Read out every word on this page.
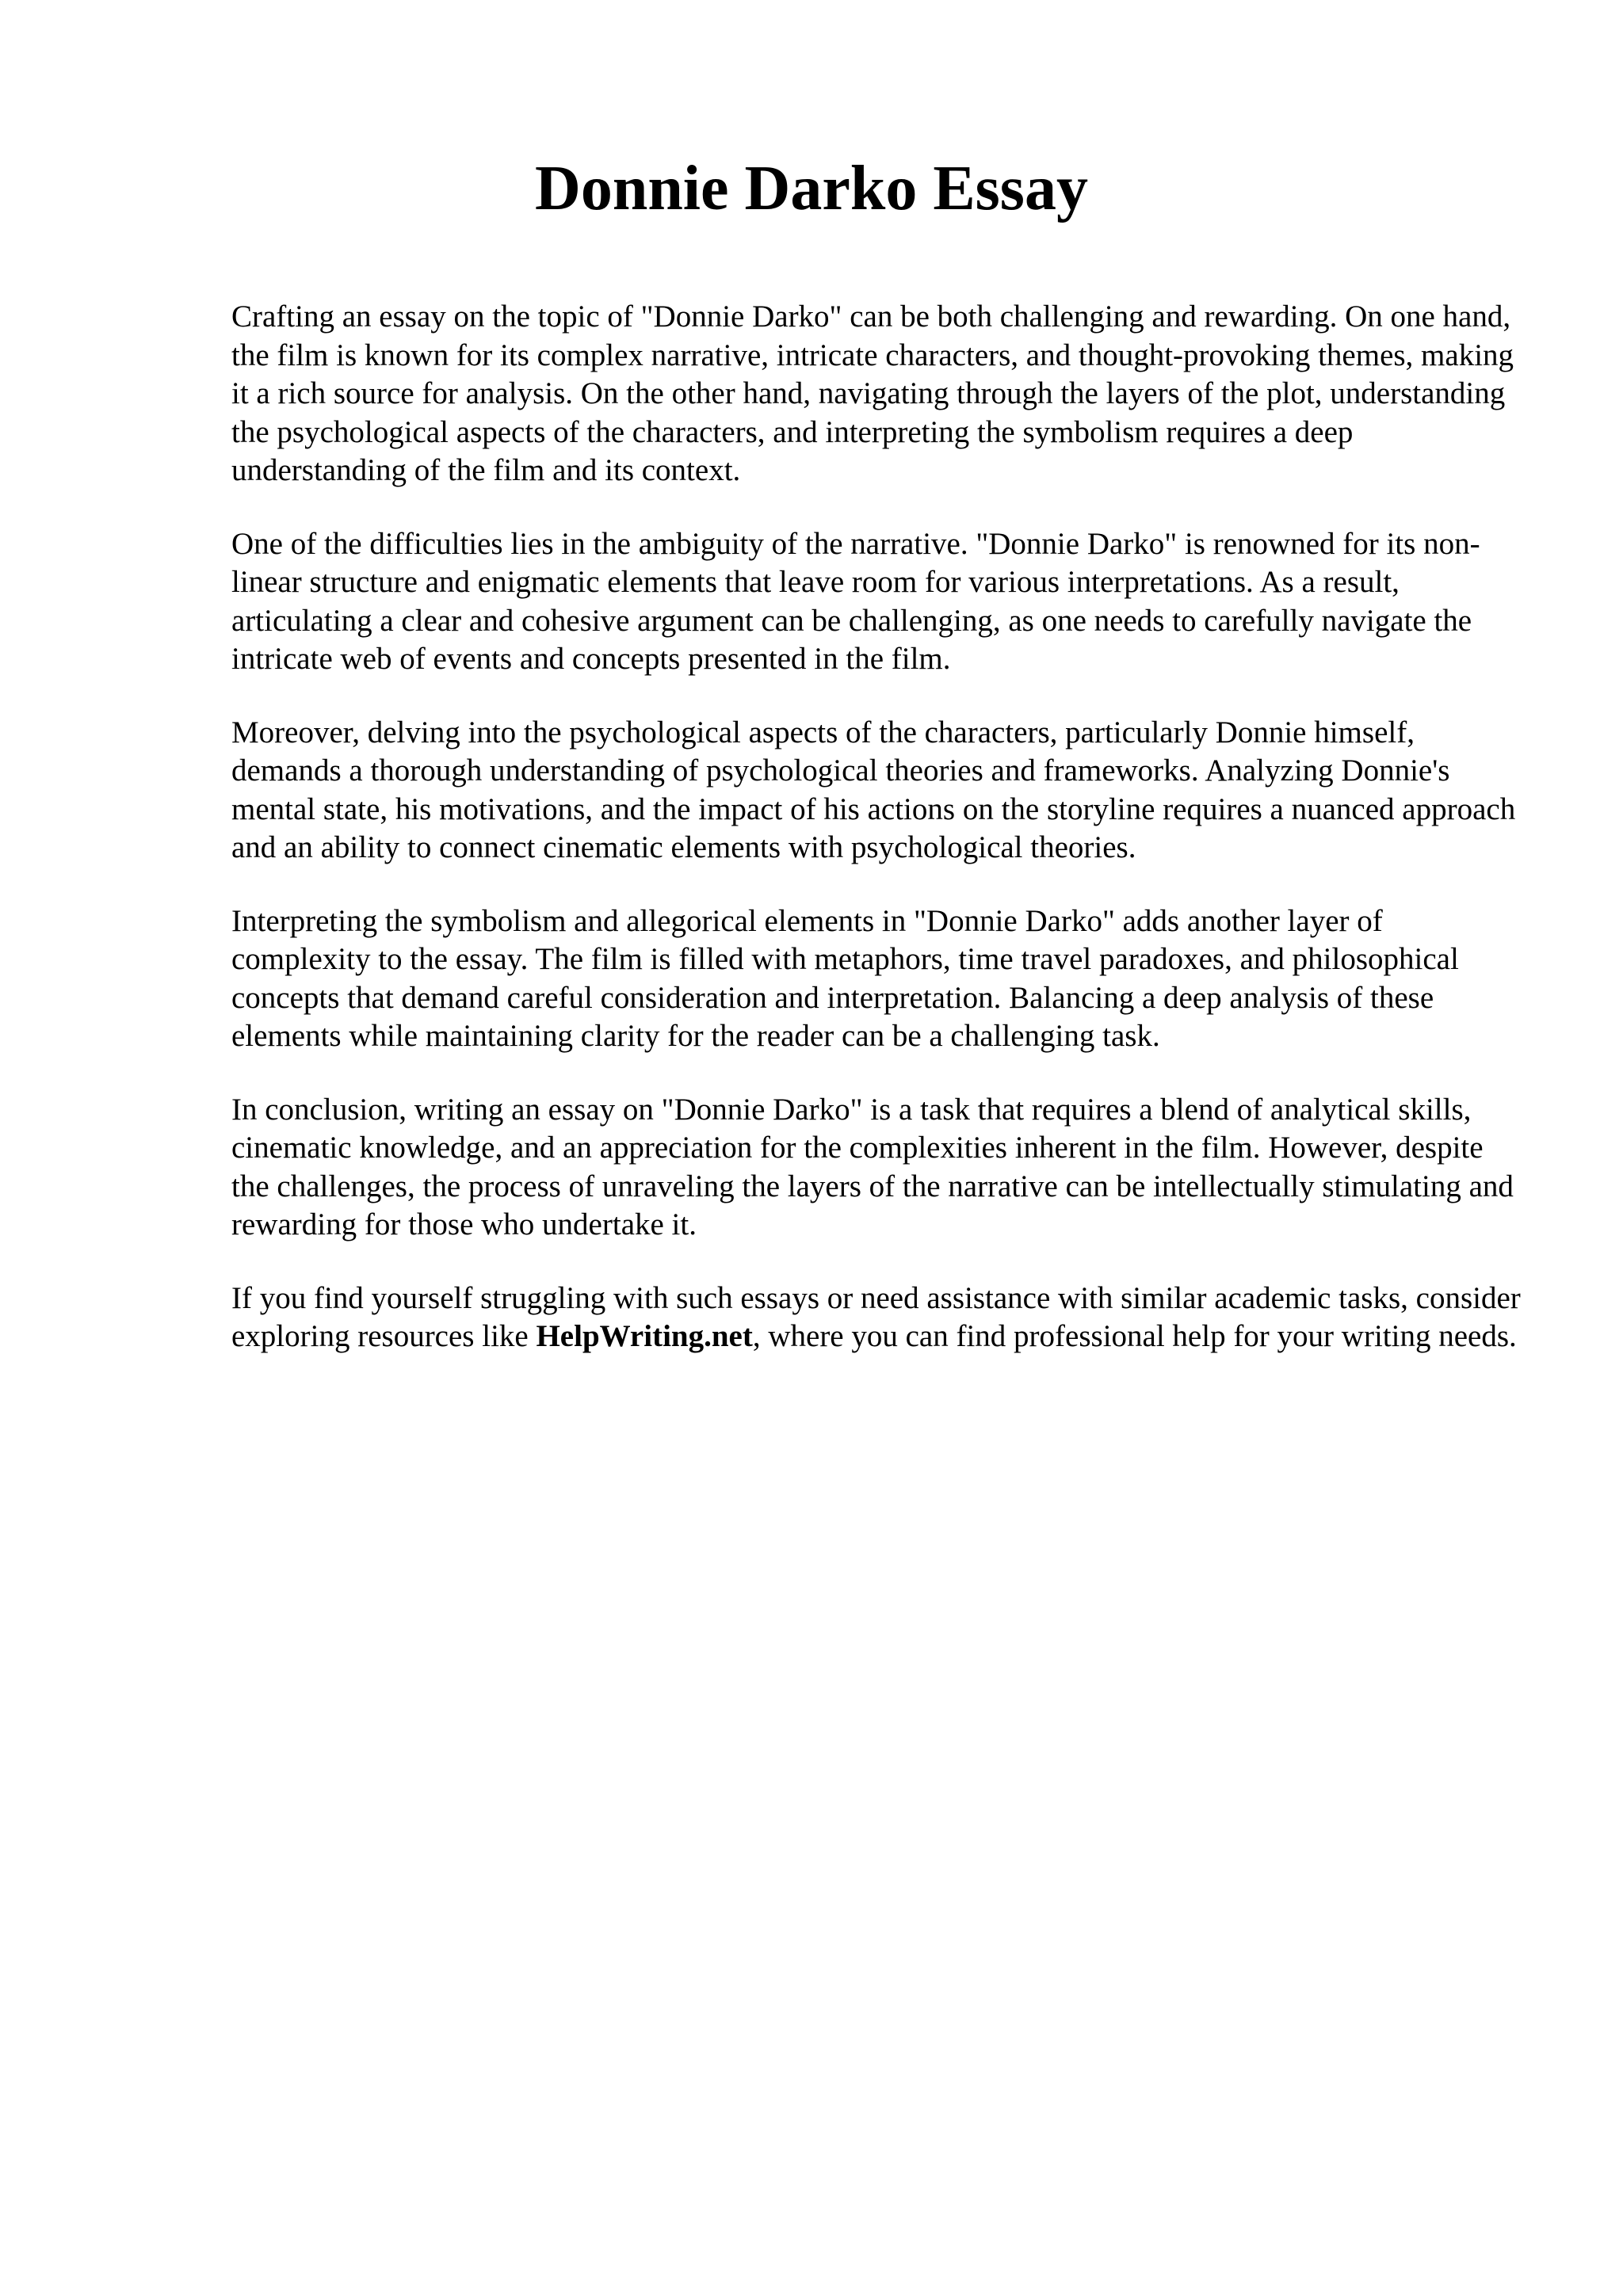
Donnie Darko Essay

Crafting an essay on the topic of "Donnie Darko" can be both challenging and rewarding. On one hand, the film is known for its complex narrative, intricate characters, and thought-provoking themes, making it a rich source for analysis. On the other hand, navigating through the layers of the plot, understanding the psychological aspects of the characters, and interpreting the symbolism requires a deep understanding of the film and its context.

One of the difficulties lies in the ambiguity of the narrative. "Donnie Darko" is renowned for its non-linear structure and enigmatic elements that leave room for various interpretations. As a result, articulating a clear and cohesive argument can be challenging, as one needs to carefully navigate the intricate web of events and concepts presented in the film.

Moreover, delving into the psychological aspects of the characters, particularly Donnie himself, demands a thorough understanding of psychological theories and frameworks. Analyzing Donnie's mental state, his motivations, and the impact of his actions on the storyline requires a nuanced approach and an ability to connect cinematic elements with psychological theories.

Interpreting the symbolism and allegorical elements in "Donnie Darko" adds another layer of complexity to the essay. The film is filled with metaphors, time travel paradoxes, and philosophical concepts that demand careful consideration and interpretation. Balancing a deep analysis of these elements while maintaining clarity for the reader can be a challenging task.

In conclusion, writing an essay on "Donnie Darko" is a task that requires a blend of analytical skills, cinematic knowledge, and an appreciation for the complexities inherent in the film. However, despite the challenges, the process of unraveling the layers of the narrative can be intellectually stimulating and rewarding for those who undertake it.

If you find yourself struggling with such essays or need assistance with similar academic tasks, consider exploring resources like HelpWriting.net, where you can find professional help for your writing needs.
